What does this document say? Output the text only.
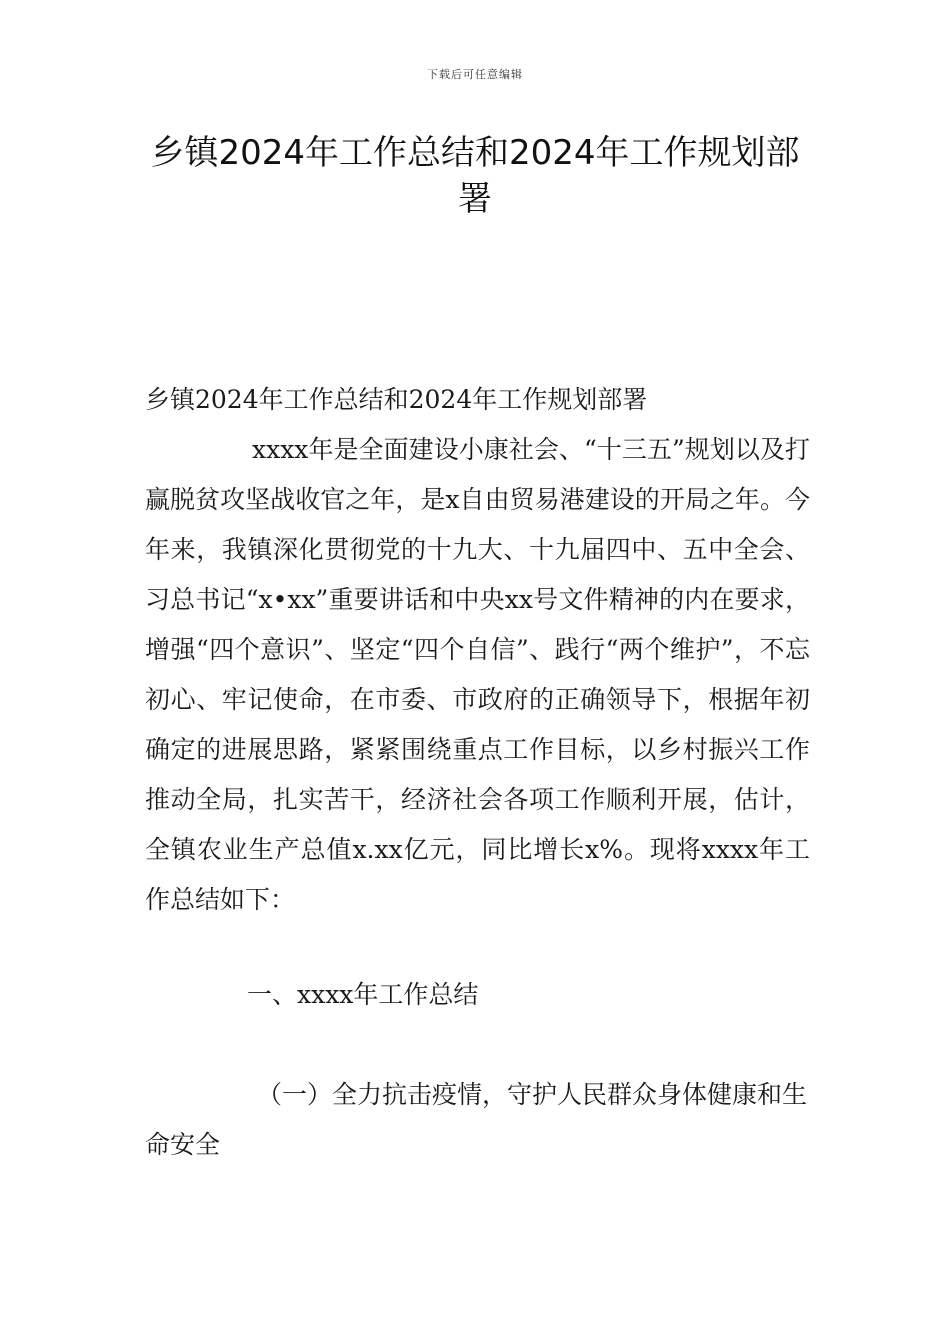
下载后可任意编辑
乡镇2024年工作总结和2024年工作规划部署

乡镇2024年工作总结和2024年工作规划部署

xxxx年是全面建设小康社会、“十三五”规划以及打赢脱贫攻坚战收官之年，是x自由贸易港建设的开局之年。今年来，我镇深化贯彻党的十九大、十九届四中、五中全会、习总书记“x•xx”重要讲话和中央xx号文件精神的内在要求，增强“四个意识”、坚定“四个自信”、践行“两个维护”，不忘初心、牢记使命，在市委、市政府的正确领导下，根据年初确定的进展思路，紧紧围绕重点工作目标，以乡村振兴工作推动全局，扎实苦干，经济社会各项工作顺利开展，估计，全镇农业生产总值x.xx亿元，同比增长x%。现将xxxx年工作总结如下：

一、xxxx年工作总结

（一）全力抗击疫情，守护人民群众身体健康和生命安全
